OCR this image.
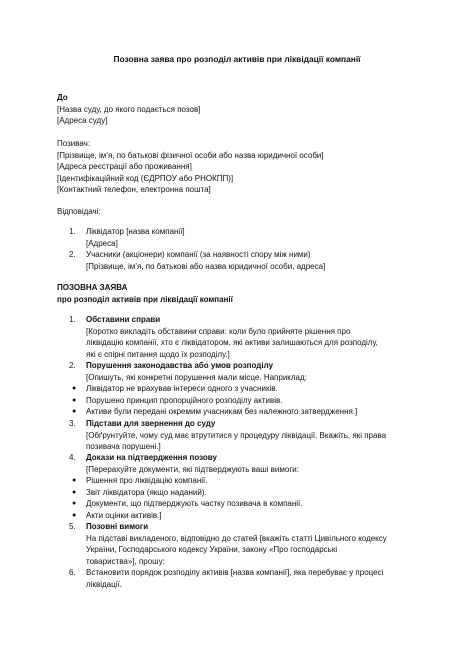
Позовна заява про розподіл активів при ліквідації компанії
До
[Назва суду, до якого подається позов]
[Адреса суду]
Позивач:
[Прізвище, ім’я, по батькові фізичної особи або назва юридичної особи]
[Адреса реєстрації або проживання]
[Ідентифікаційний код (ЄДРПОУ або РНОКПП)]
[Контактний телефон, електронна пошта]
Відповідачі:
1. Ліквідатор [назва компанії]
[Адреса]
2. Учасники (акціонери) компанії (за наявності спору між ними)
[Прізвище, ім’я, по батькові або назва юридичної особи, адреса]
ПОЗОВНА ЗАЯВА
про розподіл активів при ліквідації компанії
1. Обставини справи
[Коротко викладіть обставини справи: коли було прийняте рішення про
ліквідацію компанії, хто є ліквідатором, які активи залишаються для розподілу,
які є спірні питання щодо їх розподілу.]
2. Порушення законодавства або умов розподілу
[Опишуть, які конкретні порушення мали місце. Наприклад:
Ліквідатор не врахував інтереси одного з учасників.
Порушено принцип пропорційного розподілу активів.
Активи були передані окремим учасникам без належного затвердження.]
●
●
●
3. Підстави для звернення до суду
[Обґрунтуйте, чому суд має втрутитися у процедуру ліквідації. Вкажіть, які права
позивача порушені.]
4. Докази на підтвердження позову
[Перерахуйте документи, які підтверджують ваші вимоги:
Рішення про ліквідацію компанії.
Звіт ліквідатора (якщо наданий).
Документи, що підтверджують частку позивача в компанії.
Акти оцінки активів.]
●
●
●
●
5. Позовні вимоги
На підставі викладеного, відповідно до статей [вкажіть статті Цивільного кодексу
України, Господарського кодексу України, закону «Про господарські
товариства»], прошу:
6. Встановити порядок розподілу активів [назва компанії], яка перебуває у процесі
ліквідації.
